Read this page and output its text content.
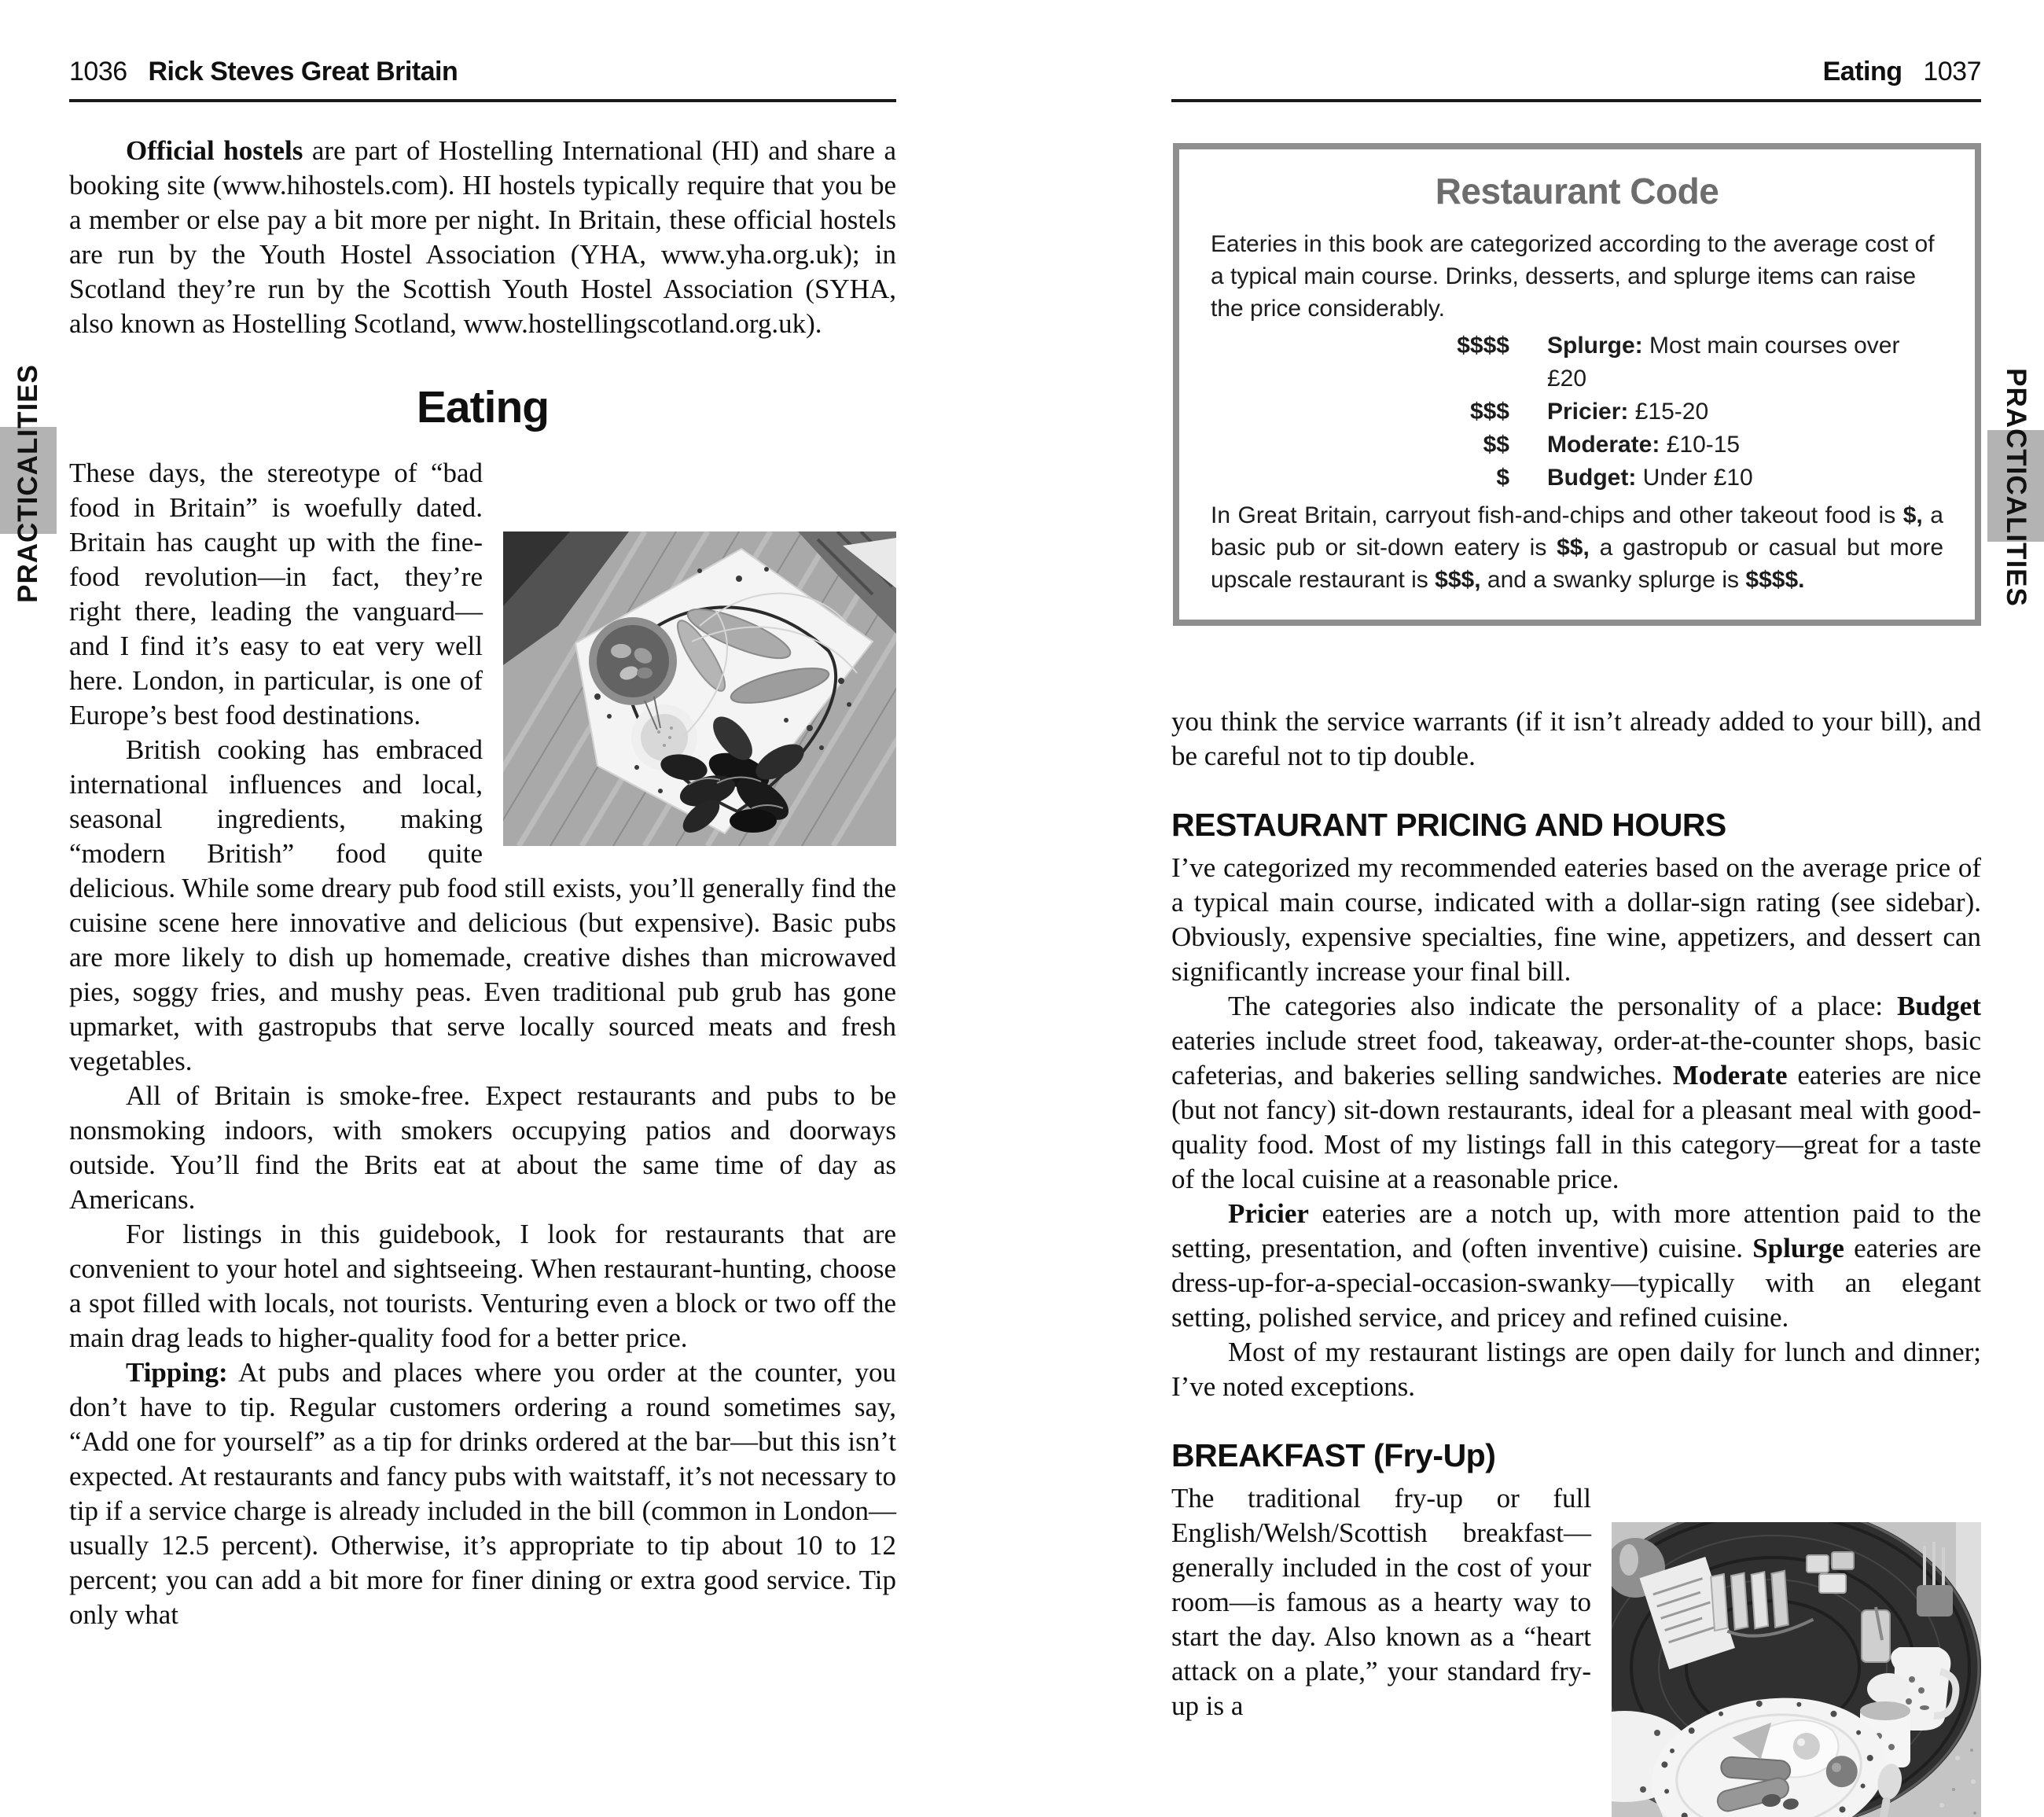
1036 Rick Steves Great Britain	Eating 1037
PRACTICALITIES	PRACTICALITIES

Official hostels are part of Hostelling International (HI) and share a booking site (www.hihostels.com). HI hostels typically require that you be a member or else pay a bit more per night. In Britain, these official hostels are run by the Youth Hostel Association (YHA, www.yha.org.uk); in Scotland they’re run by the Scottish Youth Hostel Association (SYHA, also known as Hostelling Scotland, www.hostellingscotland.org.uk).

Eating

These days, the stereotype of “bad food in Britain” is woefully dated. Britain has caught up with the fine-food revolution—in fact, they’re right there, leading the vanguard—and I find it’s easy to eat very well here. London, in particular, is one of Europe’s best food destinations.

British cooking has embraced international influences and local, seasonal ingredients, making “modern British” food quite delicious. While some dreary pub food still exists, you’ll generally find the cuisine scene here innovative and delicious (but expensive). Basic pubs are more likely to dish up homemade, creative dishes than microwaved pies, soggy fries, and mushy peas. Even traditional pub grub has gone upmarket, with gastropubs that serve locally sourced meats and fresh vegetables.

All of Britain is smoke-free. Expect restaurants and pubs to be nonsmoking indoors, with smokers occupying patios and doorways outside. You’ll find the Brits eat at about the same time of day as Americans.

For listings in this guidebook, I look for restaurants that are convenient to your hotel and sightseeing. When restaurant-hunting, choose a spot filled with locals, not tourists. Venturing even a block or two off the main drag leads to higher-quality food for a better price.

Tipping: At pubs and places where you order at the counter, you don’t have to tip. Regular customers ordering a round sometimes say, “Add one for yourself” as a tip for drinks ordered at the bar—but this isn’t expected. At restaurants and fancy pubs with waitstaff, it’s not necessary to tip if a service charge is already included in the bill (common in London—usually 12.5 percent). Otherwise, it’s appropriate to tip about 10 to 12 percent; you can add a bit more for finer dining or extra good service. Tip only what

Restaurant Code
Eateries in this book are categorized according to the average cost of a typical main course. Drinks, desserts, and splurge items can raise the price considerably.
$$$$ Splurge: Most main courses over £20
$$$ Pricier: £15-20
$$ Moderate: £10-15
$ Budget: Under £10
In Great Britain, carryout fish-and-chips and other takeout food is $, a basic pub or sit-down eatery is $$, a gastropub or casual but more upscale restaurant is $$$, and a swanky splurge is $$$$.

you think the service warrants (if it isn’t already added to your bill), and be careful not to tip double.

RESTAURANT PRICING AND HOURS

I’ve categorized my recommended eateries based on the average price of a typical main course, indicated with a dollar-sign rating (see sidebar). Obviously, expensive specialties, fine wine, appetizers, and dessert can significantly increase your final bill.

The categories also indicate the personality of a place: Budget eateries include street food, takeaway, order-at-the-counter shops, basic cafeterias, and bakeries selling sandwiches. Moderate eateries are nice (but not fancy) sit-down restaurants, ideal for a pleasant meal with good-quality food. Most of my listings fall in this category—great for a taste of the local cuisine at a reasonable price.

Pricier eateries are a notch up, with more attention paid to the setting, presentation, and (often inventive) cuisine. Splurge eateries are dress-up-for-a-special-occasion-swanky—typically with an elegant setting, polished service, and pricey and refined cuisine.

Most of my restaurant listings are open daily for lunch and dinner; I’ve noted exceptions.

BREAKFAST (Fry-Up)

The traditional fry-up or full English/Welsh/Scottish breakfast—generally included in the cost of your room—is famous as a hearty way to start the day. Also known as a “heart attack on a plate,” your standard fry-up is a
